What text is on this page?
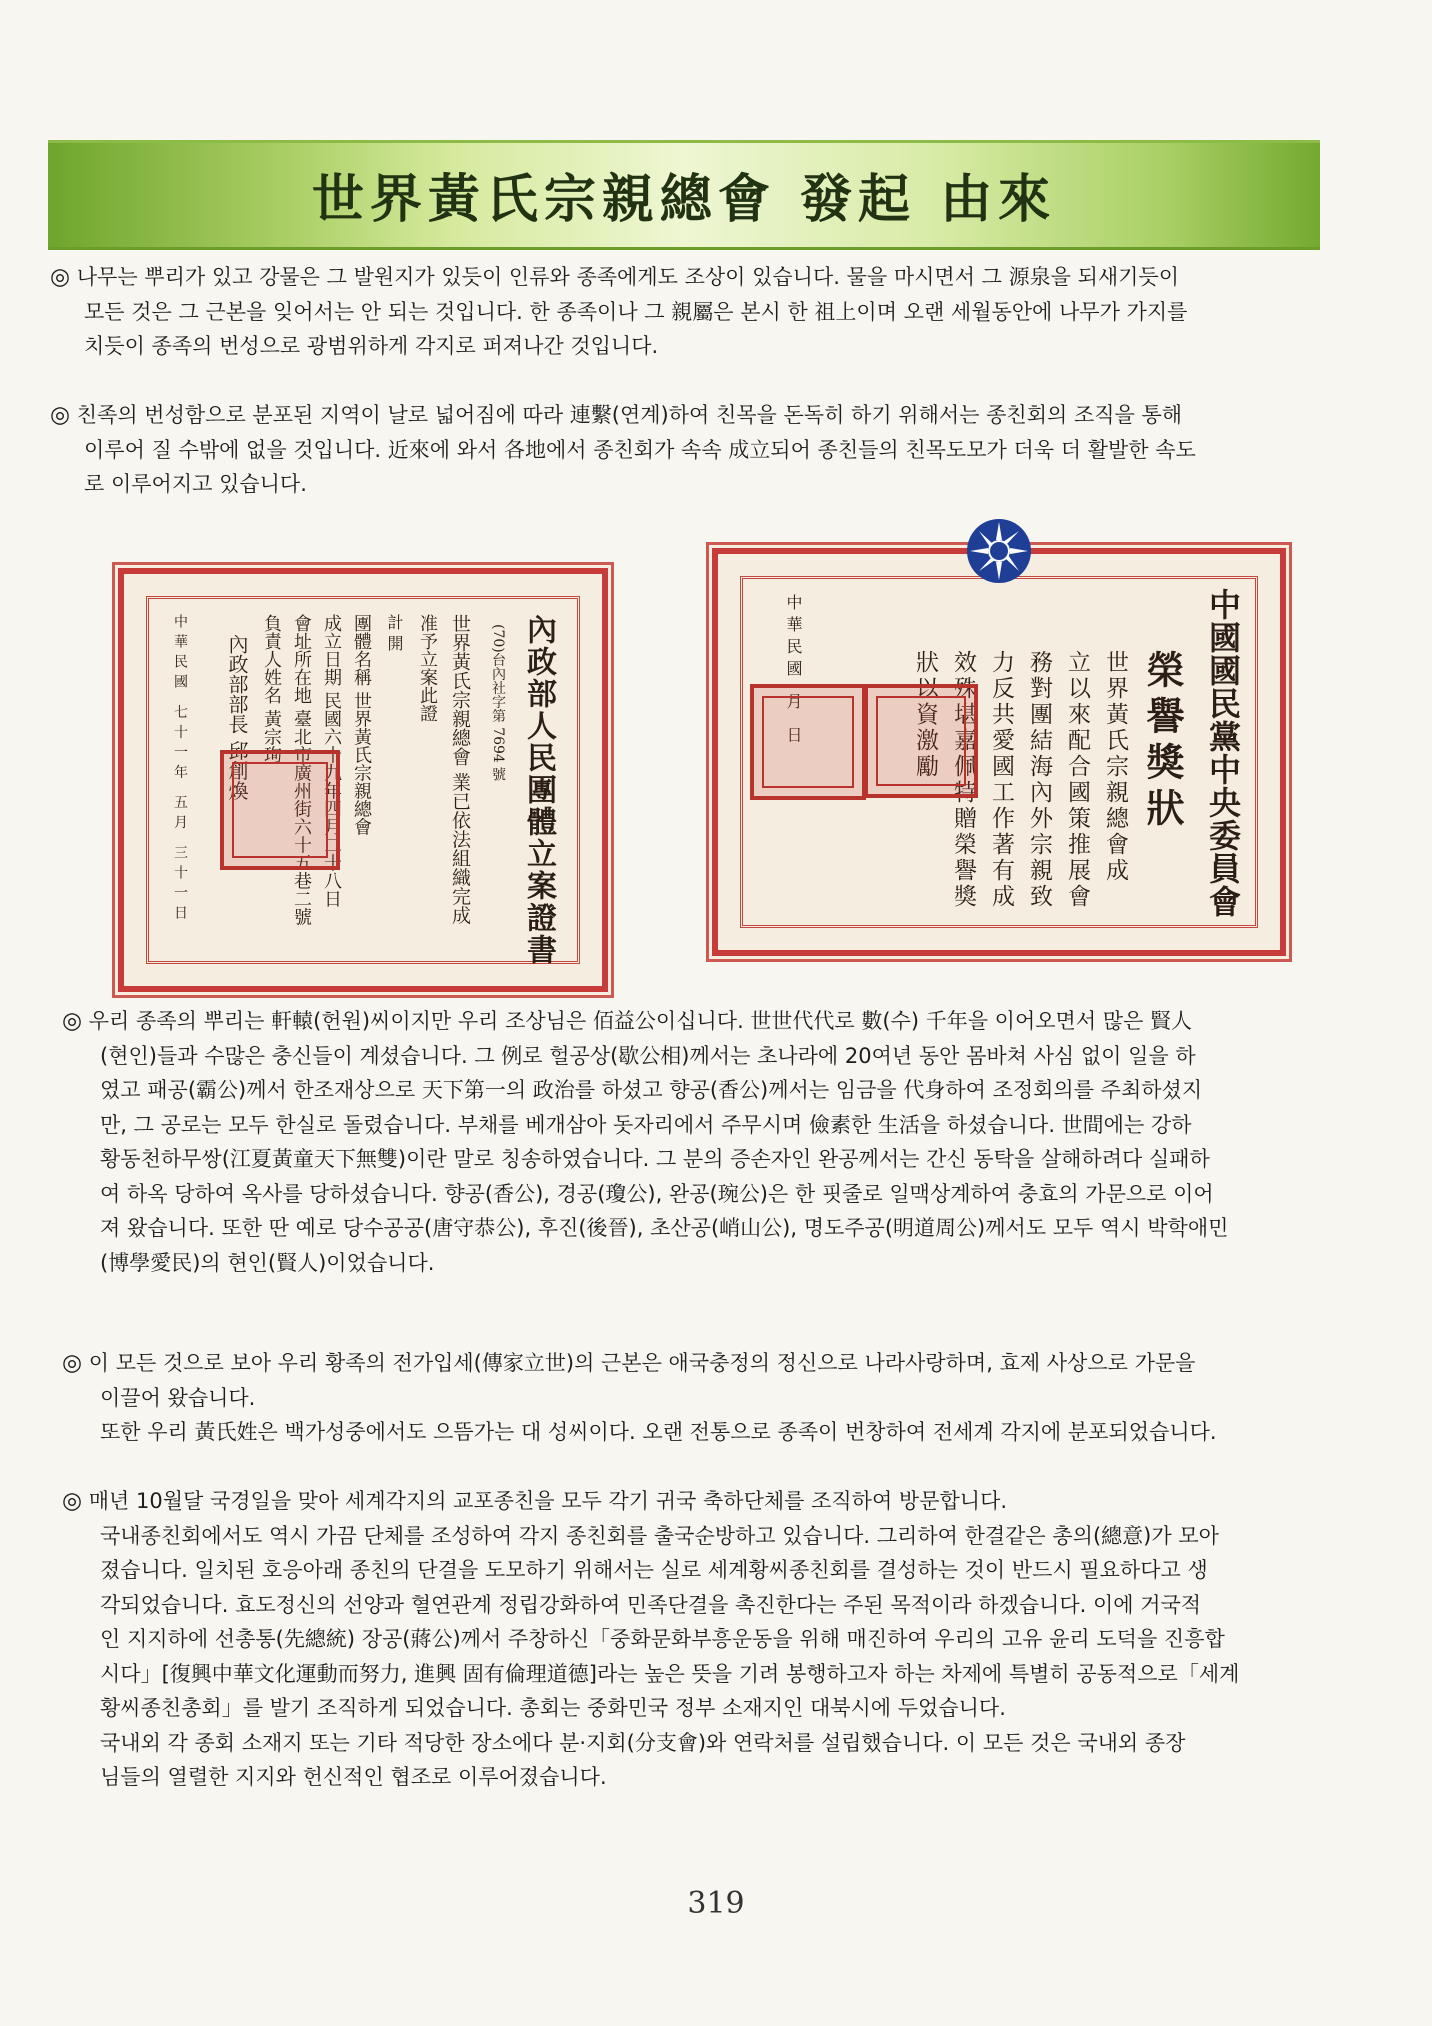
世界黃氏宗親總會 發起 由來
◎ 나무는 뿌리가 있고 강물은 그 발원지가 있듯이 인류와 종족에게도 조상이 있습니다. 물을 마시면서 그 源泉을 되새기듯이
모든 것은 그 근본을 잊어서는 안 되는 것입니다. 한 종족이나 그 親屬은 본시 한 祖上이며 오랜 세월동안에 나무가 가지를
치듯이 종족의 번성으로 광범위하게 각지로 퍼져나간 것입니다.
◎ 친족의 번성함으로 분포된 지역이 날로 넓어짐에 따라 連繫(연계)하여 친목을 돈독히 하기 위해서는 종친회의 조직을 통해
이루어 질 수밖에 없을 것입니다. 近來에 와서 各地에서 종친회가 속속 成立되어 종친들의 친목도모가 더욱 더 활발한 속도
로 이루어지고 있습니다.
內政部人民團體立案證書
(70)台內社字第 7694 號
世界黃氏宗親總會 業已依法組織完成
准予立案此證
計 開
團體名稱 世界黃氏宗親總會
成立日期 民國六十九年四月二十八日
會址所在地 臺北市廣州街六十五巷二號
負責人姓名 黃宗珣
內政部部長 邱創煥
中華民國 七十一年 五月 三十一日	中國國民黨中央委員會
榮譽獎狀
世界黃氏宗親總會成
立以來配合國策推展會
務對團結海內外宗親致
力反共愛國工作著有成
效殊堪嘉佩特贈榮譽獎
狀以資激勵
中華民國 月 日
◎ 우리 종족의 뿌리는 軒轅(헌원)씨이지만 우리 조상님은 佰益公이십니다. 世世代代로 數(수) 千年을 이어오면서 많은 賢人
(현인)들과 수많은 충신들이 계셨습니다. 그 例로 헐공상(歇公相)께서는 초나라에 20여년 동안 몸바쳐 사심 없이 일을 하
였고 패공(霸公)께서 한조재상으로 天下第一의 政治를 하셨고 향공(香公)께서는 임금을 代身하여 조정회의를 주최하셨지
만, 그 공로는 모두 한실로 돌렸습니다. 부채를 베개삼아 돗자리에서 주무시며 儉素한 生活을 하셨습니다. 世間에는 강하
황동천하무쌍(江夏黃童天下無雙)이란 말로 칭송하였습니다. 그 분의 증손자인 완공께서는 간신 동탁을 살해하려다 실패하
여 하옥 당하여 옥사를 당하셨습니다. 향공(香公), 경공(瓊公), 완공(琬公)은 한 핏줄로 일맥상계하여 충효의 가문으로 이어
져 왔습니다. 또한 딴 예로 당수공공(唐守恭公), 후진(後晉), 초산공(峭山公), 명도주공(明道周公)께서도 모두 역시 박학애민
(博學愛民)의 현인(賢人)이었습니다.
◎ 이 모든 것으로 보아 우리 황족의 전가입세(傳家立世)의 근본은 애국충정의 정신으로 나라사랑하며, 효제 사상으로 가문을
이끌어 왔습니다.
또한 우리 黃氏姓은 백가성중에서도 으뜸가는 대 성씨이다. 오랜 전통으로 종족이 번창하여 전세계 각지에 분포되었습니다.
◎ 매년 10월달 국경일을 맞아 세계각지의 교포종친을 모두 각기 귀국 축하단체를 조직하여 방문합니다.
국내종친회에서도 역시 가끔 단체를 조성하여 각지 종친회를 출국순방하고 있습니다. 그리하여 한결같은 총의(總意)가 모아
졌습니다. 일치된 호응아래 종친의 단결을 도모하기 위해서는 실로 세계황씨종친회를 결성하는 것이 반드시 필요하다고 생
각되었습니다. 효도정신의 선양과 혈연관계 정립강화하여 민족단결을 촉진한다는 주된 목적이라 하겠습니다. 이에 거국적
인 지지하에 선총통(先總統) 장공(蔣公)께서 주창하신「중화문화부흥운동을 위해 매진하여 우리의 고유 윤리 도덕을 진흥합
시다」[復興中華文化運動而努力, 進興 固有倫理道德]라는 높은 뜻을 기려 봉행하고자 하는 차제에 특별히 공동적으로「세계
황씨종친총회」를 발기 조직하게 되었습니다. 총회는 중화민국 정부 소재지인 대북시에 두었습니다.
국내외 각 종회 소재지 또는 기타 적당한 장소에다 분·지회(分支會)와 연락처를 설립했습니다. 이 모든 것은 국내외 종장
님들의 열렬한 지지와 헌신적인 협조로 이루어졌습니다.
319
